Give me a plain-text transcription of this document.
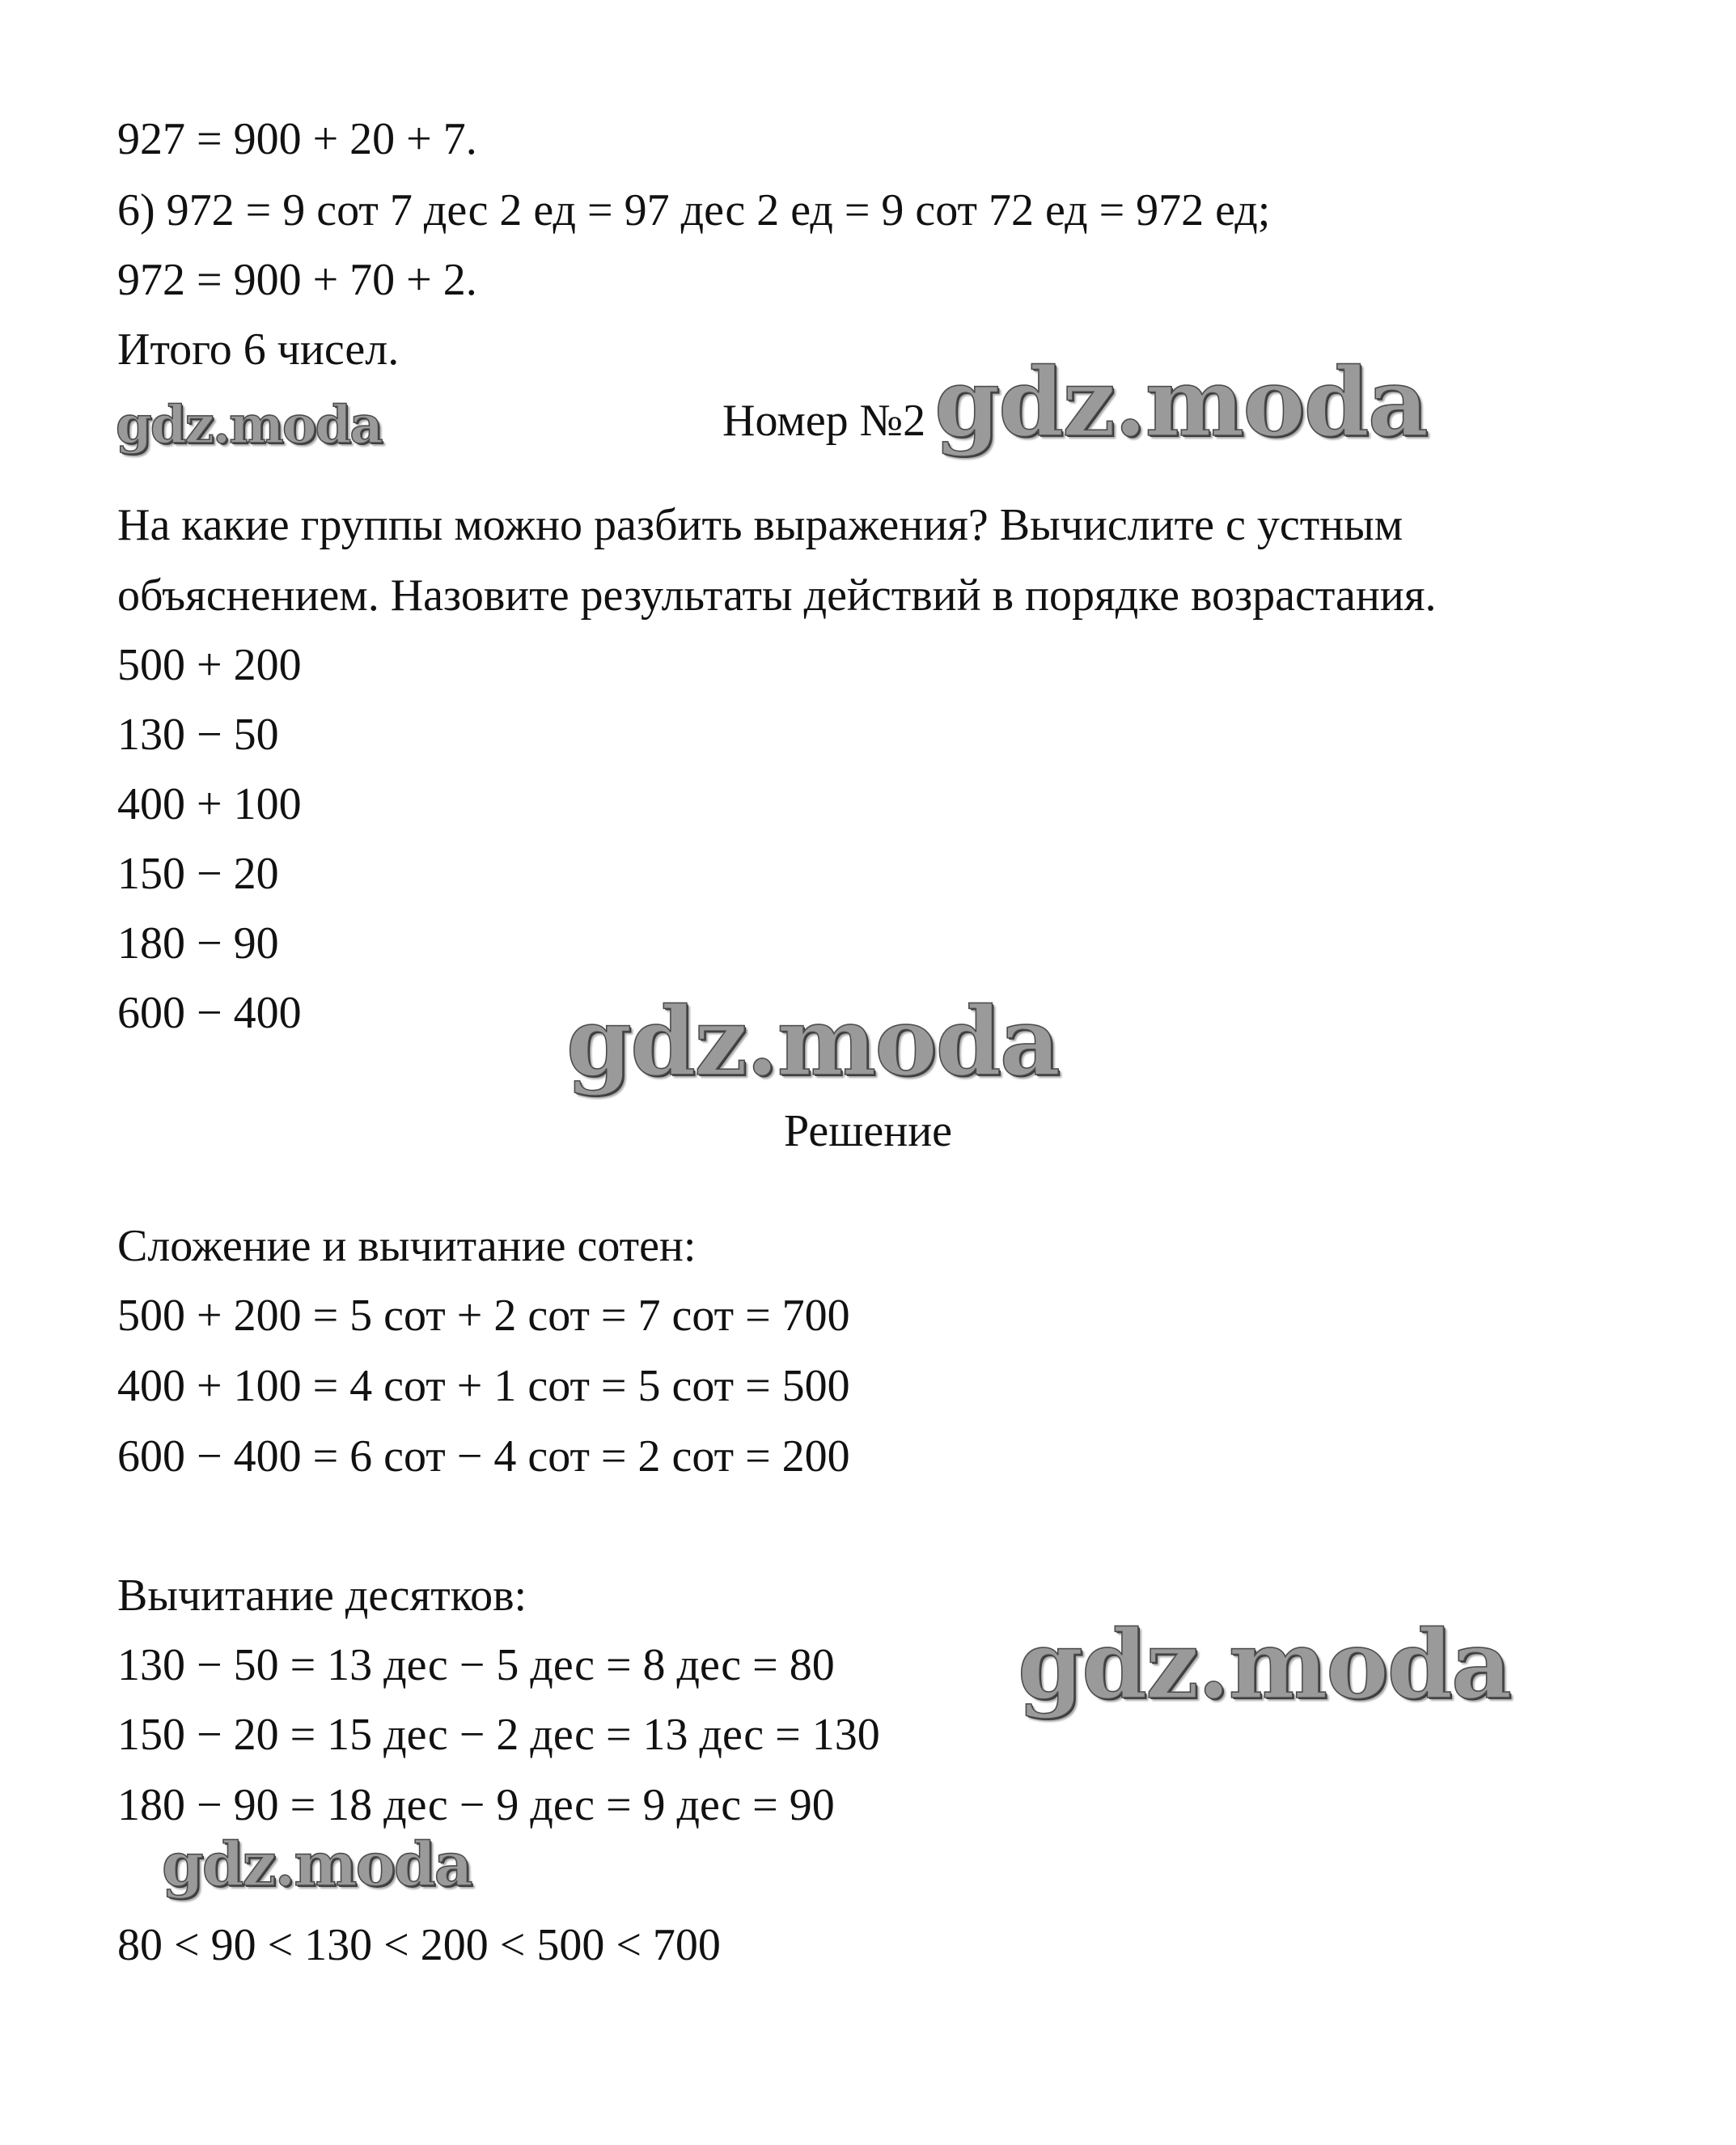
927 = 900 + 20 + 7.

6) 972 = 9 сот 7 дес 2 ед = 97 дес 2 ед = 9 сот 72 ед = 972 ед;

972 = 900 + 70 + 2.

Итого 6 чисел.

gdz.moda	Номер №2 gdz.moda

На какие группы можно разбить выражения? Вычислите с устным

объяснением. Назовите результаты действий в порядке возрастания.

500 + 200

130 − 50

400 + 100

150 − 20

180 − 90

600 − 400	gdz.moda

Решение

Сложение и вычитание сотен:

500 + 200 = 5 сот + 2 сот = 7 сот = 700

400 + 100 = 4 сот + 1 сот = 5 сот = 500

600 − 400 = 6 сот − 4 сот = 2 сот = 200

Вычитание десятков:

130 − 50 = 13 дес − 5 дес = 8 дес = 80

150 − 20 = 15 дес − 2 дес = 13 дес = 130

180 − 90 = 18 дес − 9 дес = 9 дес = 90

gdz.moda
gdz.moda

80 < 90 < 130 < 200 < 500 < 700
